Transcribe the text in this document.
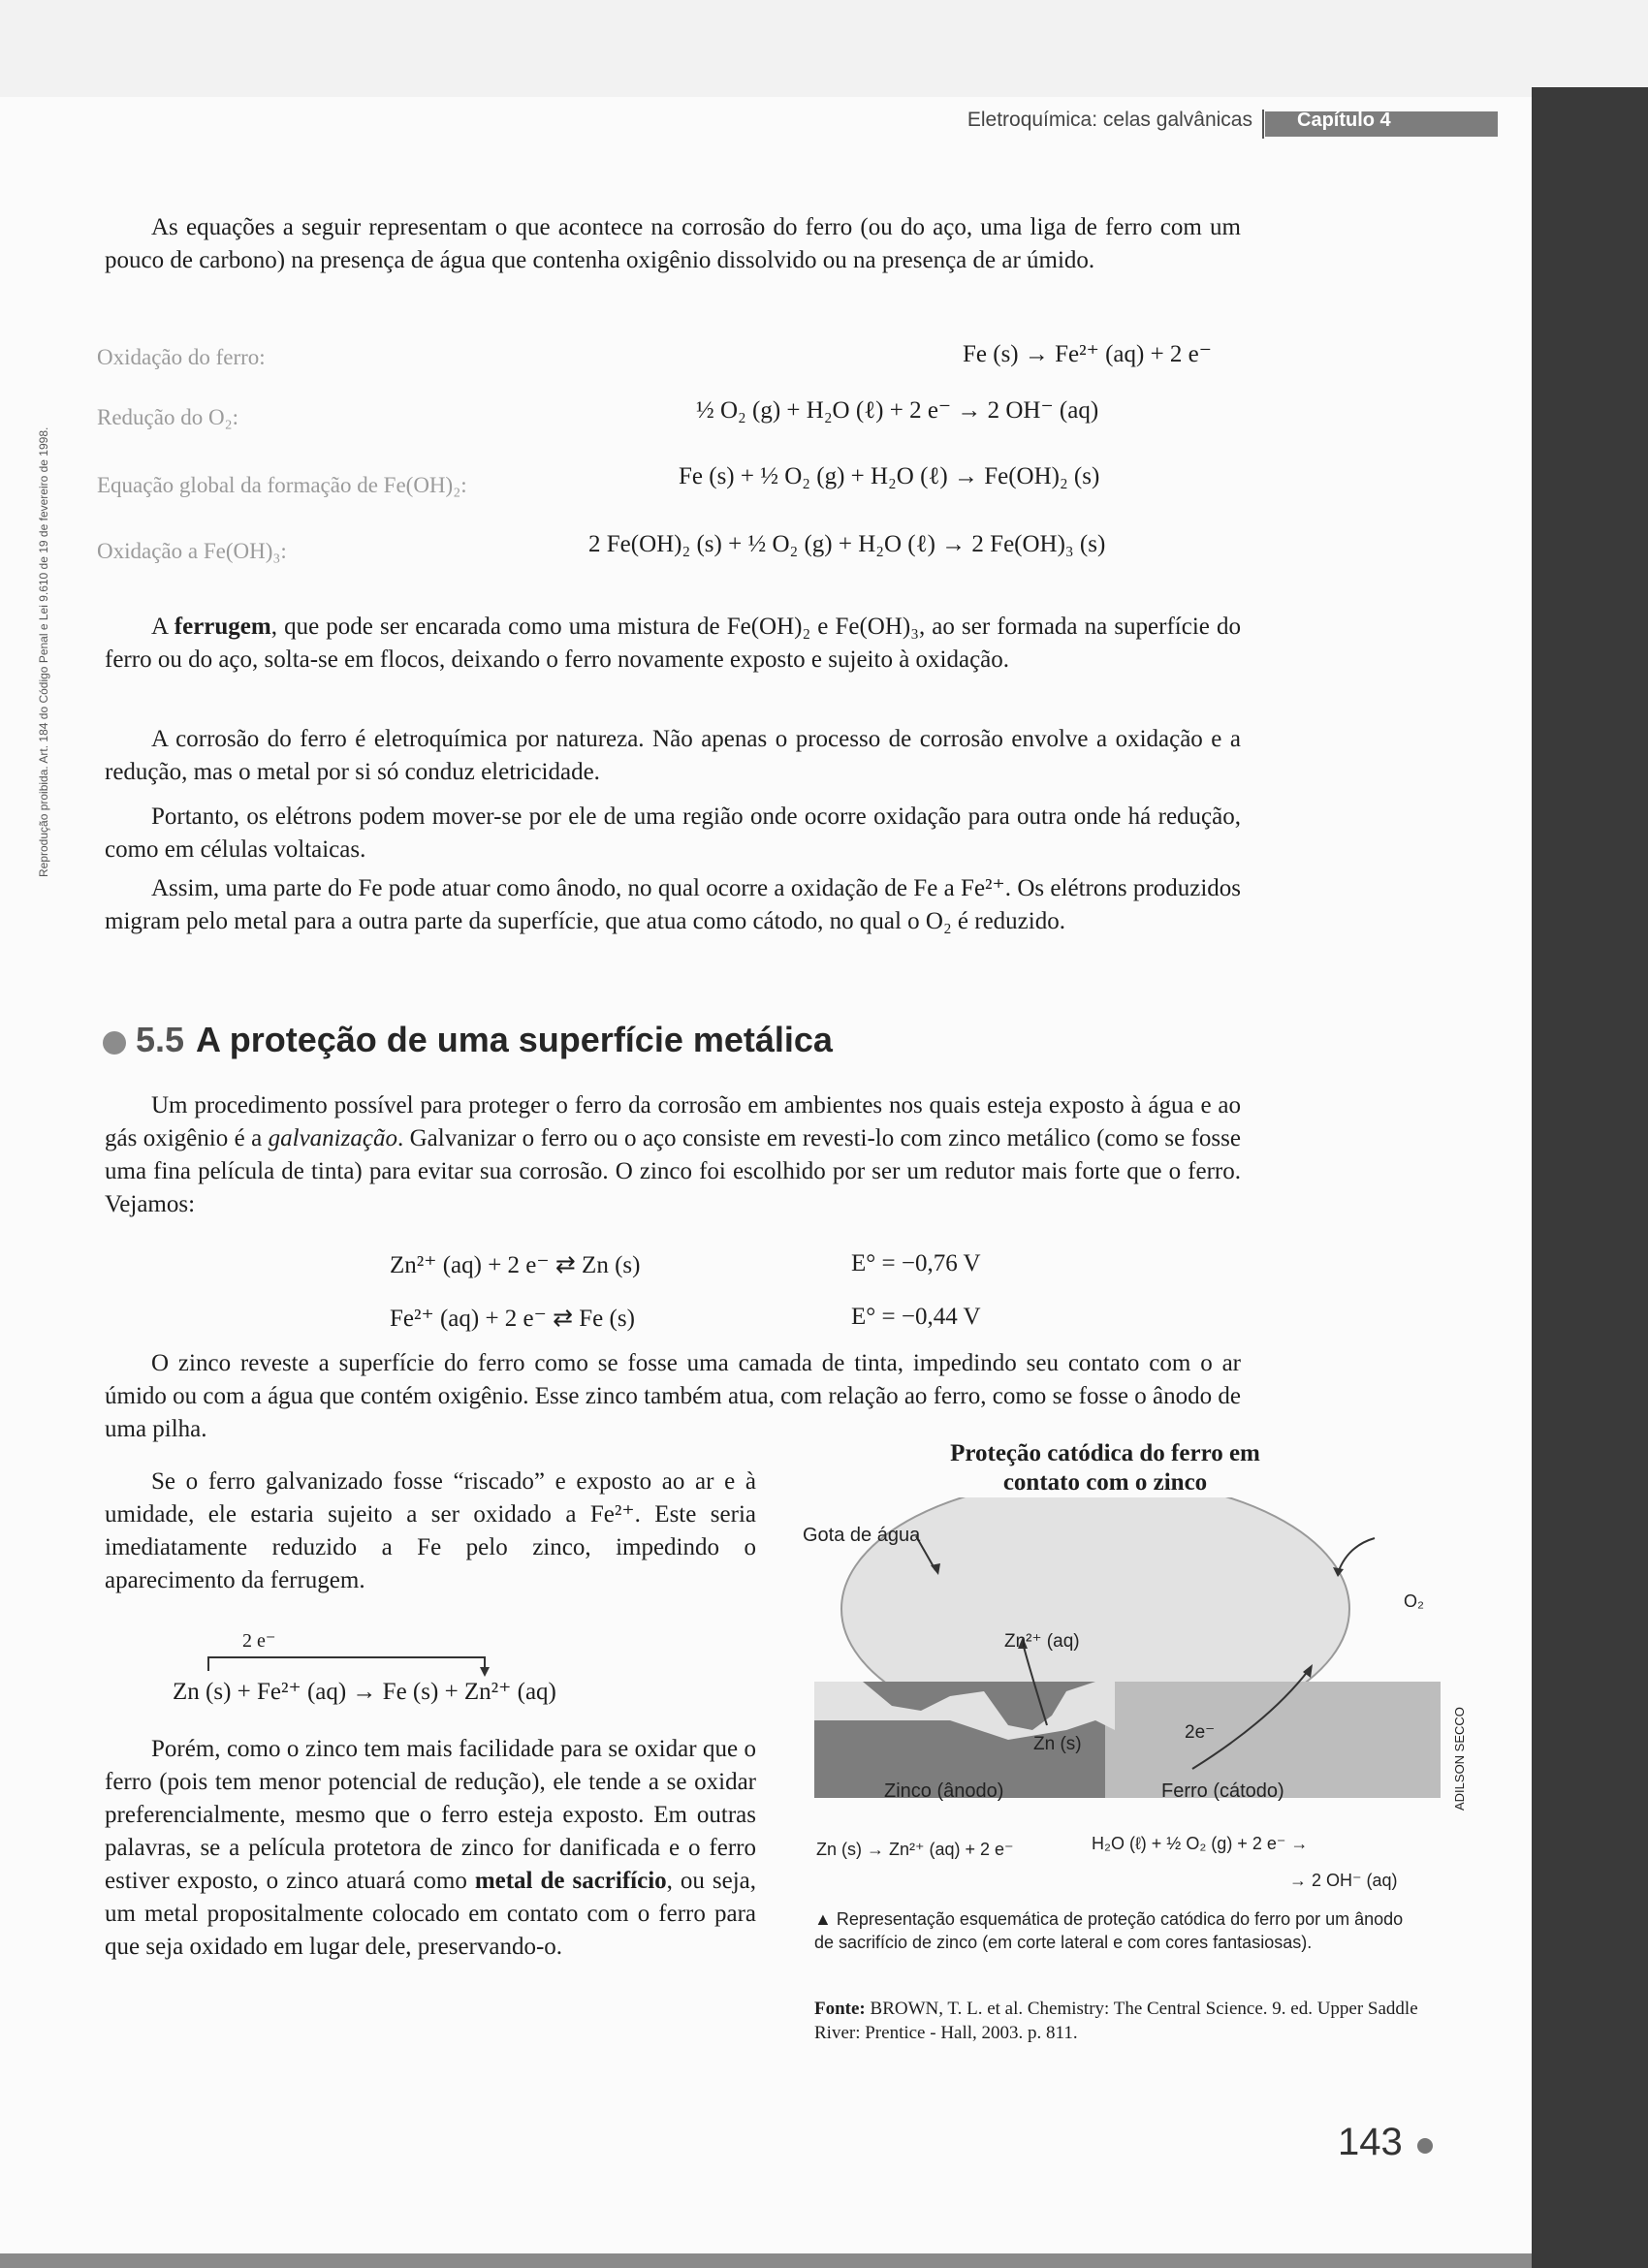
Eletroquímica: celas galvânicas Capítulo 4
Reprodução proibida. Art. 184 do Código Penal e Lei 9.610 de 19 de fevereiro de 1998.

As equações a seguir representam o que acontece na corrosão do ferro (ou do aço, uma liga de ferro com um pouco de carbono) na presença de água que contenha oxigênio dissolvido ou na presença de ar úmido.

Oxidação do ferro:	Fe (s) → Fe²⁺ (aq) + 2 e⁻
Redução do O₂:	½ O₂ (g) + H₂O (ℓ) + 2 e⁻ → 2 OH⁻ (aq)
Equação global da formação de Fe(OH)₂:	Fe (s) + ½ O₂ (g) + H₂O (ℓ) → Fe(OH)₂ (s)
Oxidação a Fe(OH)₃:	2 Fe(OH)₂ (s) + ½ O₂ (g) + H₂O (ℓ) → 2 Fe(OH)₃ (s)

A ferrugem, que pode ser encarada como uma mistura de Fe(OH)₂ e Fe(OH)₃, ao ser formada na superfície do ferro ou do aço, solta-se em flocos, deixando o ferro novamente exposto e sujeito à oxidação.

A corrosão do ferro é eletroquímica por natureza. Não apenas o processo de corrosão envolve a oxidação e a redução, mas o metal por si só conduz eletricidade.

Portanto, os elétrons podem mover-se por ele de uma região onde ocorre oxidação para outra onde há redução, como em células voltaicas.

Assim, uma parte do Fe pode atuar como ânodo, no qual ocorre a oxidação de Fe a Fe²⁺. Os elétrons produzidos migram pelo metal para a outra parte da superfície, que atua como cátodo, no qual o O₂ é reduzido.

5.5 A proteção de uma superfície metálica

Um procedimento possível para proteger o ferro da corrosão em ambientes nos quais esteja exposto à água e ao gás oxigênio é a galvanização. Galvanizar o ferro ou o aço consiste em revesti-lo com zinco metálico (como se fosse uma fina película de tinta) para evitar sua corrosão. O zinco foi escolhido por ser um redutor mais forte que o ferro. Vejamos:

Zn²⁺ (aq) + 2 e⁻ ⇄ Zn (s)	E° = −0,76 V
Fe²⁺ (aq) + 2 e⁻ ⇄ Fe (s)	E° = −0,44 V

O zinco reveste a superfície do ferro como se fosse uma camada de tinta, impedindo seu contato com o ar úmido ou com a água que contém oxigênio. Esse zinco também atua, com relação ao ferro, como se fosse o ânodo de uma pilha.

Se o ferro galvanizado fosse “riscado” e exposto ao ar e à umidade, ele estaria sujeito a ser oxidado a Fe²⁺. Este seria imediatamente reduzido a Fe pelo zinco, impedindo o aparecimento da ferrugem.

2 e⁻
Zn (s) + Fe²⁺ (aq) → Fe (s) + Zn²⁺ (aq)

Porém, como o zinco tem mais facilidade para se oxidar que o ferro (pois tem menor potencial de redução), ele tende a se oxidar preferencialmente, mesmo que o ferro esteja exposto. Em outras palavras, se a película protetora de zinco for danificada e o ferro estiver exposto, o zinco atuará como metal de sacrifício, ou seja, um metal propositalmente colocado em contato com o ferro para que seja oxidado em lugar dele, preservando-o.

Proteção catódica do ferro em contato com o zinco
Gota de água
O₂
Zn²⁺ (aq)
Zn (s)
2e⁻
Zinco (ânodo)	Ferro (cátodo)	ADILSON SECCO
Zn (s) → Zn²⁺ (aq) + 2 e⁻	H₂O (ℓ) + ½ O₂ (g) + 2 e⁻ →
→ 2 OH⁻ (aq)
▲ Representação esquemática de proteção catódica do ferro por um ânodo de sacrifício de zinco (em corte lateral e com cores fantasiosas).
Fonte: BROWN, T. L. et al. Chemistry: The Central Science. 9. ed. Upper Saddle River: Prentice - Hall, 2003. p. 811.
143
